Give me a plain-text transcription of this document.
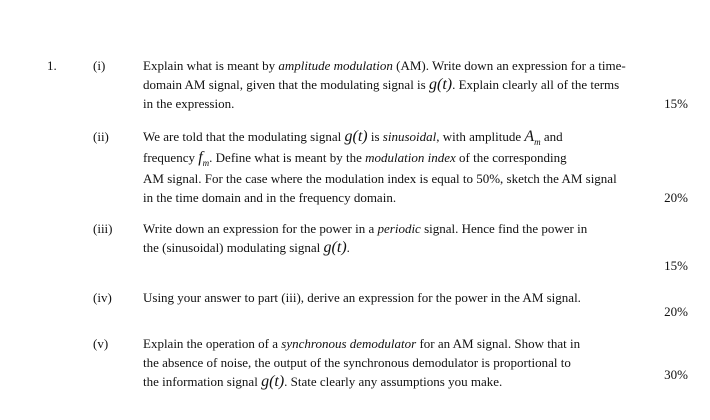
1.	(i)	Explain what is meant by amplitude modulation (AM). Write down an expression for a time-
domain AM signal, given that the modulating signal is g(t). Explain clearly all of the terms
in the expression.	15%
(ii)	We are told that the modulating signal g(t) is sinusoidal, with amplitude $A_m$ and
frequency $f_m$. Define what is meant by the modulation index of the corresponding
AM signal. For the case where the modulation index is equal to 50%, sketch the AM signal
in the time domain and in the frequency domain.	20%
(iii) Write down an expression for the power in a periodic signal. Hence find the power in
the (sinusoidal) modulating signal g(t).
15%
(iv) Using your answer to part (iii), derive an expression for the power in the AM signal.
20%
(v)	Explain the operation of a synchronous demodulator for an AM signal. Show that in
the absence of noise, the output of the synchronous demodulator is proportional to
the information signal g(t). State clearly any assumptions you make.	30%
